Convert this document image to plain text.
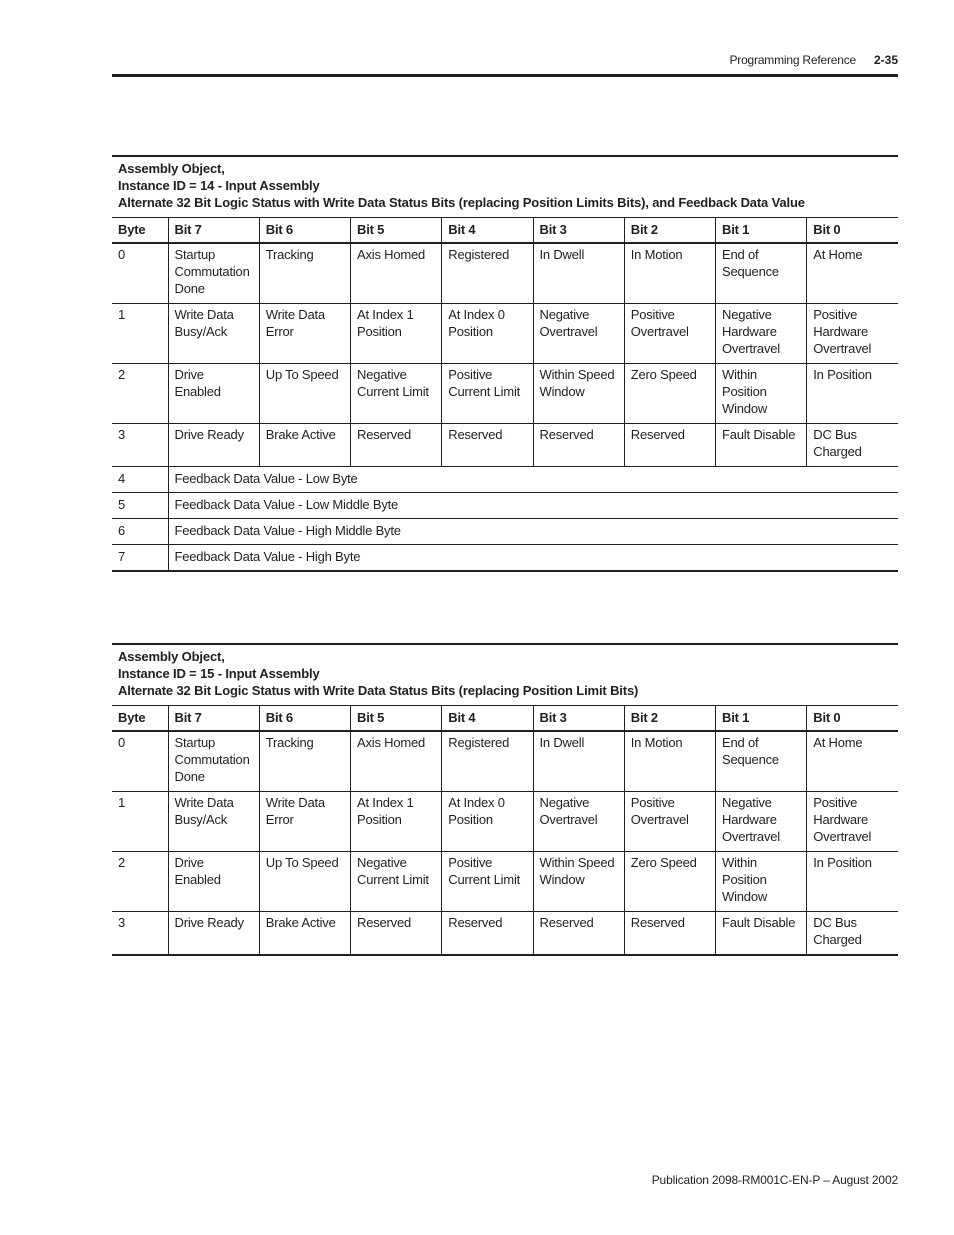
Programming Reference 2-35
Assembly Object,
Instance ID = 14 - Input Assembly
Alternate 32 Bit Logic Status with Write Data Status Bits (replacing Position Limits Bits), and Feedback Data Value
Byte	Bit 7	Bit 6	Bit 5	Bit 4	Bit 3	Bit 2	Bit 1	Bit 0
0	Startup Commutation Done	Tracking	Axis Homed	Registered	In Dwell	In Motion	End of Sequence	At Home
1	Write Data Busy/Ack	Write Data Error	At Index 1 Position	At Index 0 Position	Negative Overtravel	Positive Overtravel	Negative Hardware Overtravel	Positive Hardware Overtravel
2	Drive Enabled	Up To Speed	Negative Current Limit	Positive Current Limit	Within Speed Window	Zero Speed	Within Position Window	In Position
3	Drive Ready	Brake Active	Reserved	Reserved	Reserved	Reserved	Fault Disable	DC Bus Charged
4	Feedback Data Value - Low Byte							
5	Feedback Data Value - Low Middle Byte							
6	Feedback Data Value - High Middle Byte							
7	Feedback Data Value - High Byte							
Assembly Object,
Instance ID = 15 - Input Assembly
Alternate 32 Bit Logic Status with Write Data Status Bits (replacing Position Limit Bits)
Byte	Bit 7	Bit 6	Bit 5	Bit 4	Bit 3	Bit 2	Bit 1	Bit 0
0	Startup Commutation Done	Tracking	Axis Homed	Registered	In Dwell	In Motion	End of Sequence	At Home
1	Write Data Busy/Ack	Write Data Error	At Index 1 Position	At Index 0 Position	Negative Overtravel	Positive Overtravel	Negative Hardware Overtravel	Positive Hardware Overtravel
2	Drive Enabled	Up To Speed	Negative Current Limit	Positive Current Limit	Within Speed Window	Zero Speed	Within Position Window	In Position
3	Drive Ready	Brake Active	Reserved	Reserved	Reserved	Reserved	Fault Disable	DC Bus Charged
Publication 2098-RM001C-EN-P – August 2002
